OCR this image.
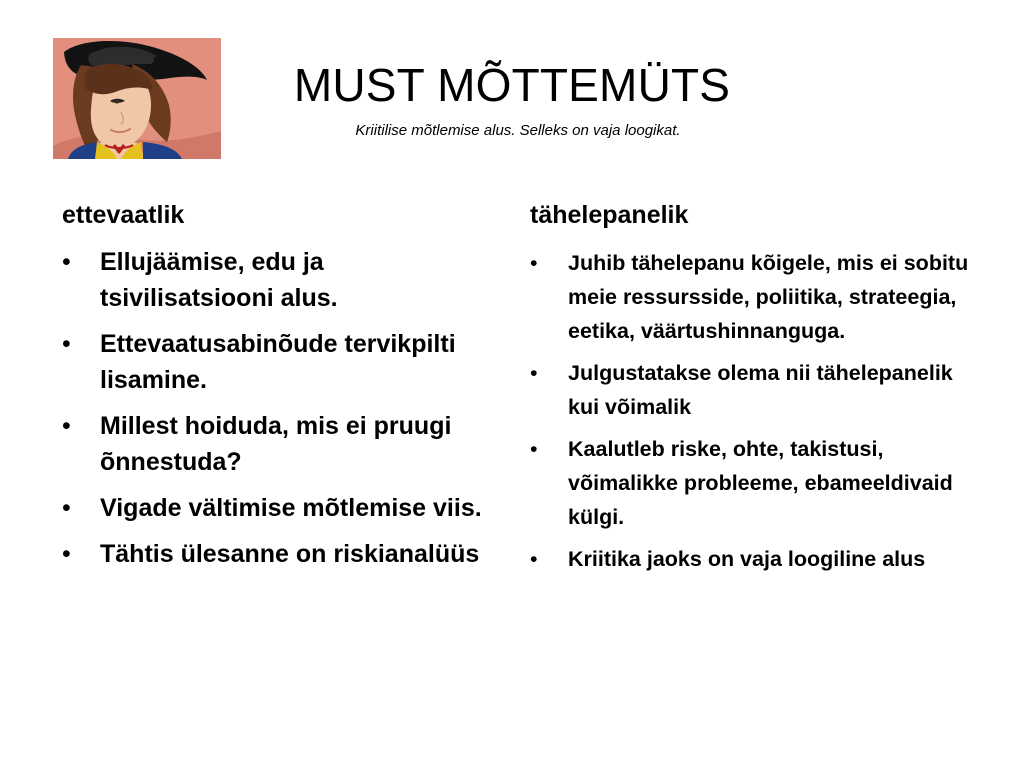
MUST MÕTTEMÜTS
Kriitilise mõtlemise alus. Selleks on vaja loogikat.
ettevaatlik
• Ellujäämise, edu ja tsivilisatsiooni alus.
• Ettevaatusabinõude tervikpilti lisamine.
• Millest hoiduda, mis ei pruugi õnnestuda?
• Vigade vältimise mõtlemise viis.
• Tähtis ülesanne on riskianalüüs
tähelepanelik
• Juhib tähelepanu kõigele, mis ei sobitu meie ressursside, poliitika, strateegia, eetika, väärtushinnanguga.
• Julgustatakse olema nii tähelepanelik kui võimalik
• Kaalutleb riske, ohte, takistusi, võimalikke probleeme, ebameeldivaid külgi.
• Kriitika jaoks on vaja loogiline alus
